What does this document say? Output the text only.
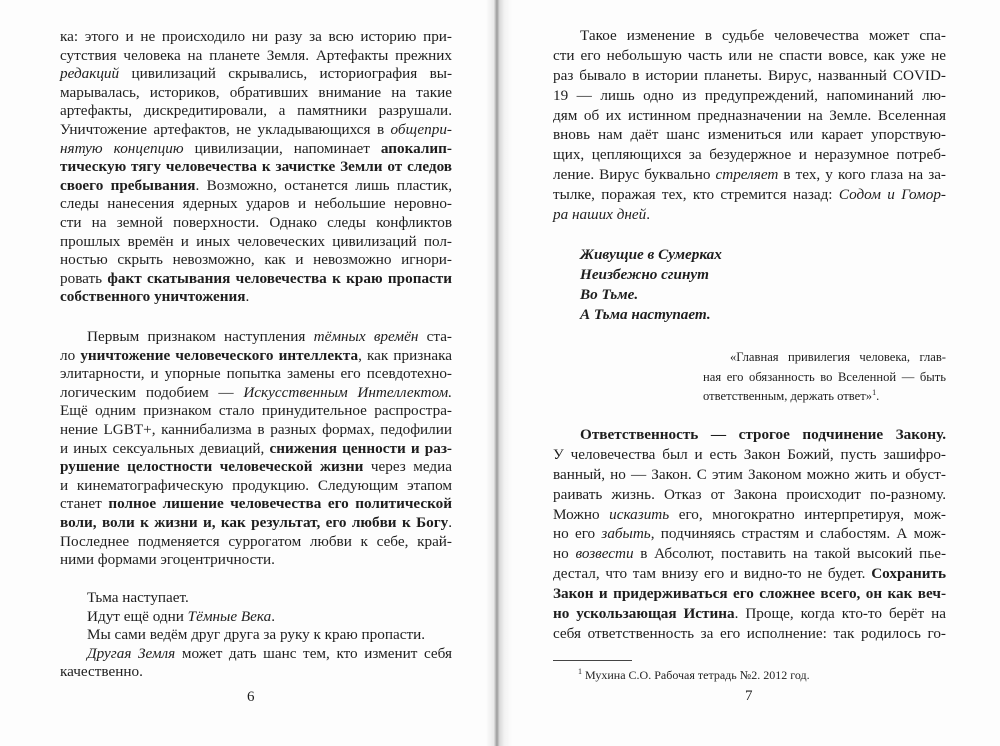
ка: этого и не происходило ни разу за всю историю при-
сутствия человека на планете Земля. Артефакты прежних
редакций цивилизаций скрывались, историография вы-
марывалась, историков, обративших внимание на такие
артефакты, дискредитировали, а памятники разрушали.
Уничтожение артефактов, не укладывающихся в общепри-
нятую концепцию цивилизации, напоминает апокалип-
тическую тягу человечества к зачистке Земли от следов
своего пребывания. Возможно, останется лишь пластик,
следы нанесения ядерных ударов и небольшие неровно-
сти на земной поверхности. Однако следы конфликтов
прошлых времён и иных человеческих цивилизаций пол-
ностью скрыть невозможно, как и невозможно игнори-
ровать факт скатывания человечества к краю пропасти
собственного уничтожения.
Первым признаком наступления тёмных времён ста-
ло уничтожение человеческого интеллекта, как признака
элитарности, и упорные попытка замены его псевдотехно-
логическим подобием — Искусственным Интеллектом.
Ещё одним признаком стало принудительное распростра-
нение LGBT+, каннибализма в разных формах, педофилии
и иных сексуальных девиаций, снижения ценности и раз-
рушение целостности человеческой жизни через медиа
и кинематографическую продукцию. Следующим этапом
станет полное лишение человечества его политической
воли, воли к жизни и, как результат, его любви к Богу.
Последнее подменяется суррогатом любви к себе, край-
ними формами эгоцентричности.
Тьма наступает.
Идут ещё одни Тёмные Века.
Мы сами ведём друг друга за руку к краю пропасти.
Другая Земля может дать шанс тем, кто изменит себя
качественно.
6
Такое изменение в судьбе человечества может спа-
сти его небольшую часть или не спасти вовсе, как уже не
раз бывало в истории планеты. Вирус, названный COVID-
19 — лишь одно из предупреждений, напоминаний лю-
дям об их истинном предназначении на Земле. Вселенная
вновь нам даёт шанс измениться или карает упорствую-
щих, цепляющихся за безудержное и неразумное потреб-
ление. Вирус буквально стреляет в тех, у кого глаза на за-
тылке, поражая тех, кто стремится назад: Содом и Гомор-
ра наших дней.
Живущие в Сумерках
Неизбежно сгинут
Во Тьме.
А Тьма наступает.
«Главная привилегия человека, глав-
ная его обязанность во Вселенной — быть
ответственным, держать ответ»$^1$.
Ответственность — строгое подчинение Закону.
У человечества был и есть Закон Божий, пусть зашифро-
ванный, но — Закон. С этим Законом можно жить и обуст-
раивать жизнь. Отказ от Закона происходит по-разному.
Можно исказить его, многократно интерпретируя, мож-
но его забыть, подчиняясь страстям и слабостям. А мож-
но возвести в Абсолют, поставить на такой высокий пье-
дестал, что там внизу его и видно-то не будет. Сохранить
Закон и придерживаться его сложнее всего, он как веч-
но ускользающая Истина. Проще, когда кто-то берёт на
себя ответственность за его исполнение: так родилось го-
$^1$ Мухина С.О. Рабочая тетрадь №2. 2012 год.
7
